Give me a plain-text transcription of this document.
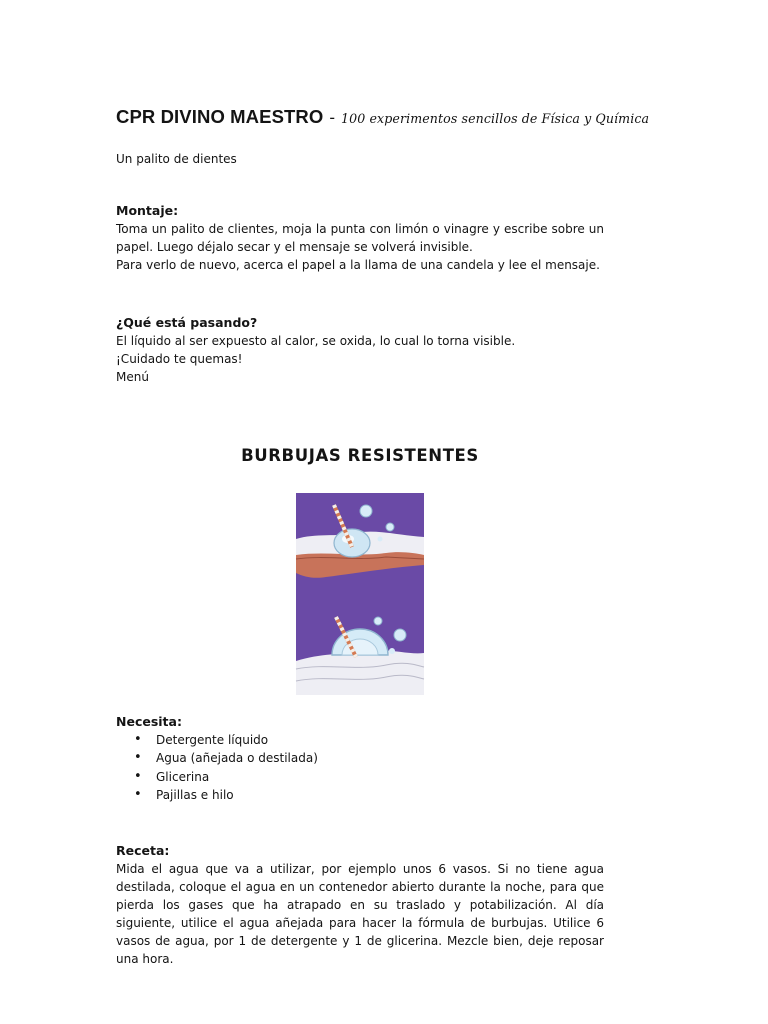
CPR DIVINO MAESTRO - 100 experimentos sencillos de Física y Química

Un palito de dientes

Montaje:

Toma un palito de clientes, moja la punta con limón o vinagre y escribe sobre un papel. Luego déjalo secar y el mensaje se volverá invisible.

Para verlo de nuevo, acerca el papel a la llama de una candela y lee el mensaje.

¿Qué está pasando?

El líquido al ser expuesto al calor, se oxida, lo cual lo torna visible.

¡Cuidado te quemas!

Menú

BURBUJAS RESISTENTES

Necesita:

• Detergente líquido
• Agua (añejada o destilada)
• Glicerina
• Pajillas e hilo

Receta:

Mida el agua que va a utilizar, por ejemplo unos 6 vasos. Si no tiene agua destilada, coloque el agua en un contenedor abierto durante la noche, para que pierda los gases que ha atrapado en su traslado y potabilización. Al día siguiente, utilice el agua añejada para hacer la fórmula de burbujas. Utilice 6 vasos de agua, por 1 de detergente y 1 de glicerina. Mezcle bien, deje reposar una hora.
